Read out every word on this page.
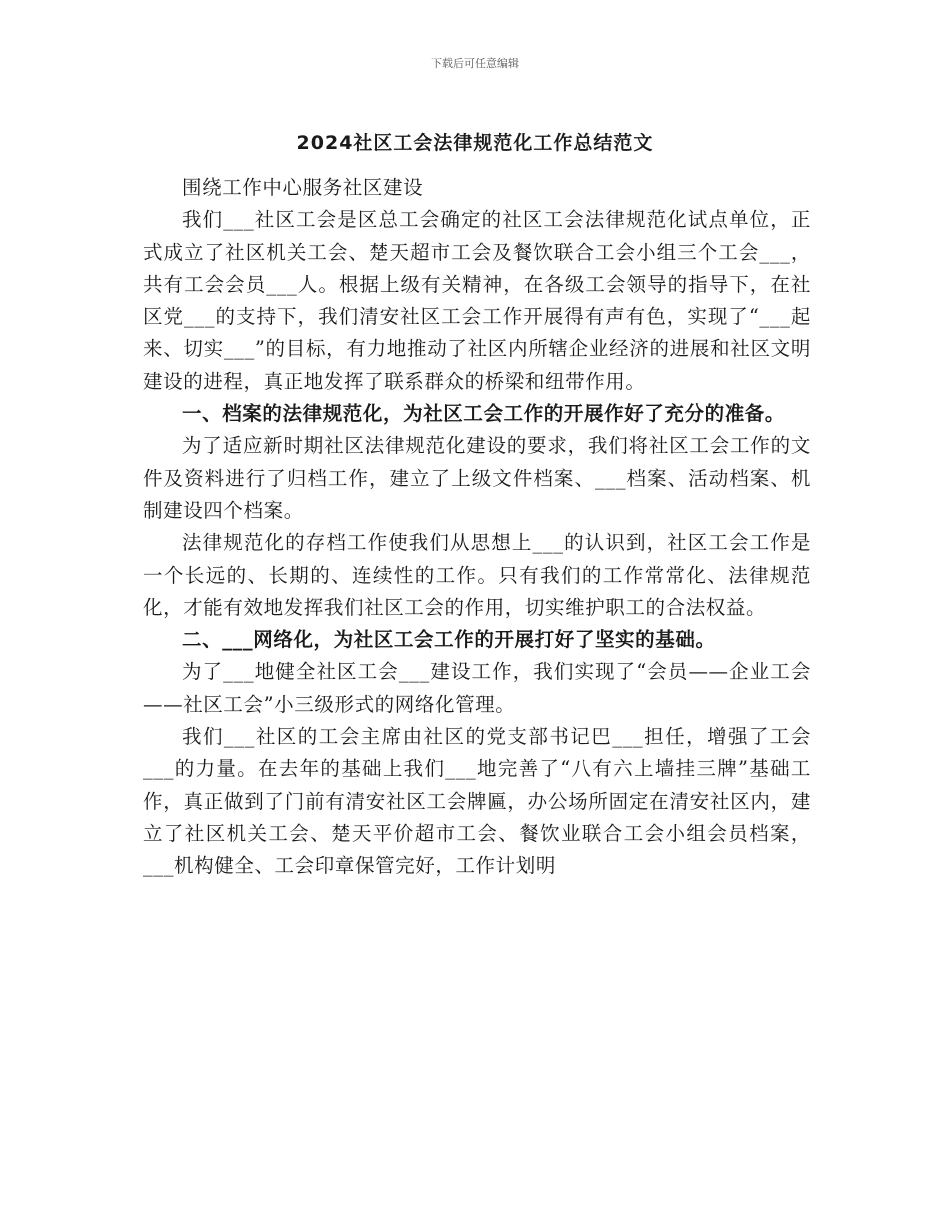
下载后可任意编辑
2024社区工会法律规范化工作总结范文

围绕工作中心服务社区建设

我们___社区工会是区总工会确定的社区工会法律规范化试点单位，正式成立了社区机关工会、楚天超市工会及餐饮联合工会小组三个工会___，共有工会会员___人。根据上级有关精神，在各级工会领导的指导下，在社区党___的支持下，我们清安社区工会工作开展得有声有色，实现了“___起来、切实___”的目标，有力地推动了社区内所辖企业经济的进展和社区文明建设的进程，真正地发挥了联系群众的桥梁和纽带作用。

一、档案的法律规范化，为社区工会工作的开展作好了充分的准备。

为了适应新时期社区法律规范化建设的要求，我们将社区工会工作的文件及资料进行了归档工作，建立了上级文件档案、___档案、活动档案、机制建设四个档案。

法律规范化的存档工作使我们从思想上___的认识到，社区工会工作是一个长远的、长期的、连续性的工作。只有我们的工作常常化、法律规范化，才能有效地发挥我们社区工会的作用，切实维护职工的合法权益。

二、___网络化，为社区工会工作的开展打好了坚实的基础。

为了___地健全社区工会___建设工作，我们实现了“会员——企业工会——社区工会”小三级形式的网络化管理。

我们___社区的工会主席由社区的党支部书记巴___担任，增强了工会___的力量。在去年的基础上我们___地完善了“八有六上墙挂三牌”基础工作，真正做到了门前有清安社区工会牌匾，办公场所固定在清安社区内，建立了社区机关工会、楚天平价超市工会、餐饮业联合工会小组会员档案，___机构健全、工会印章保管完好，工作计划明
